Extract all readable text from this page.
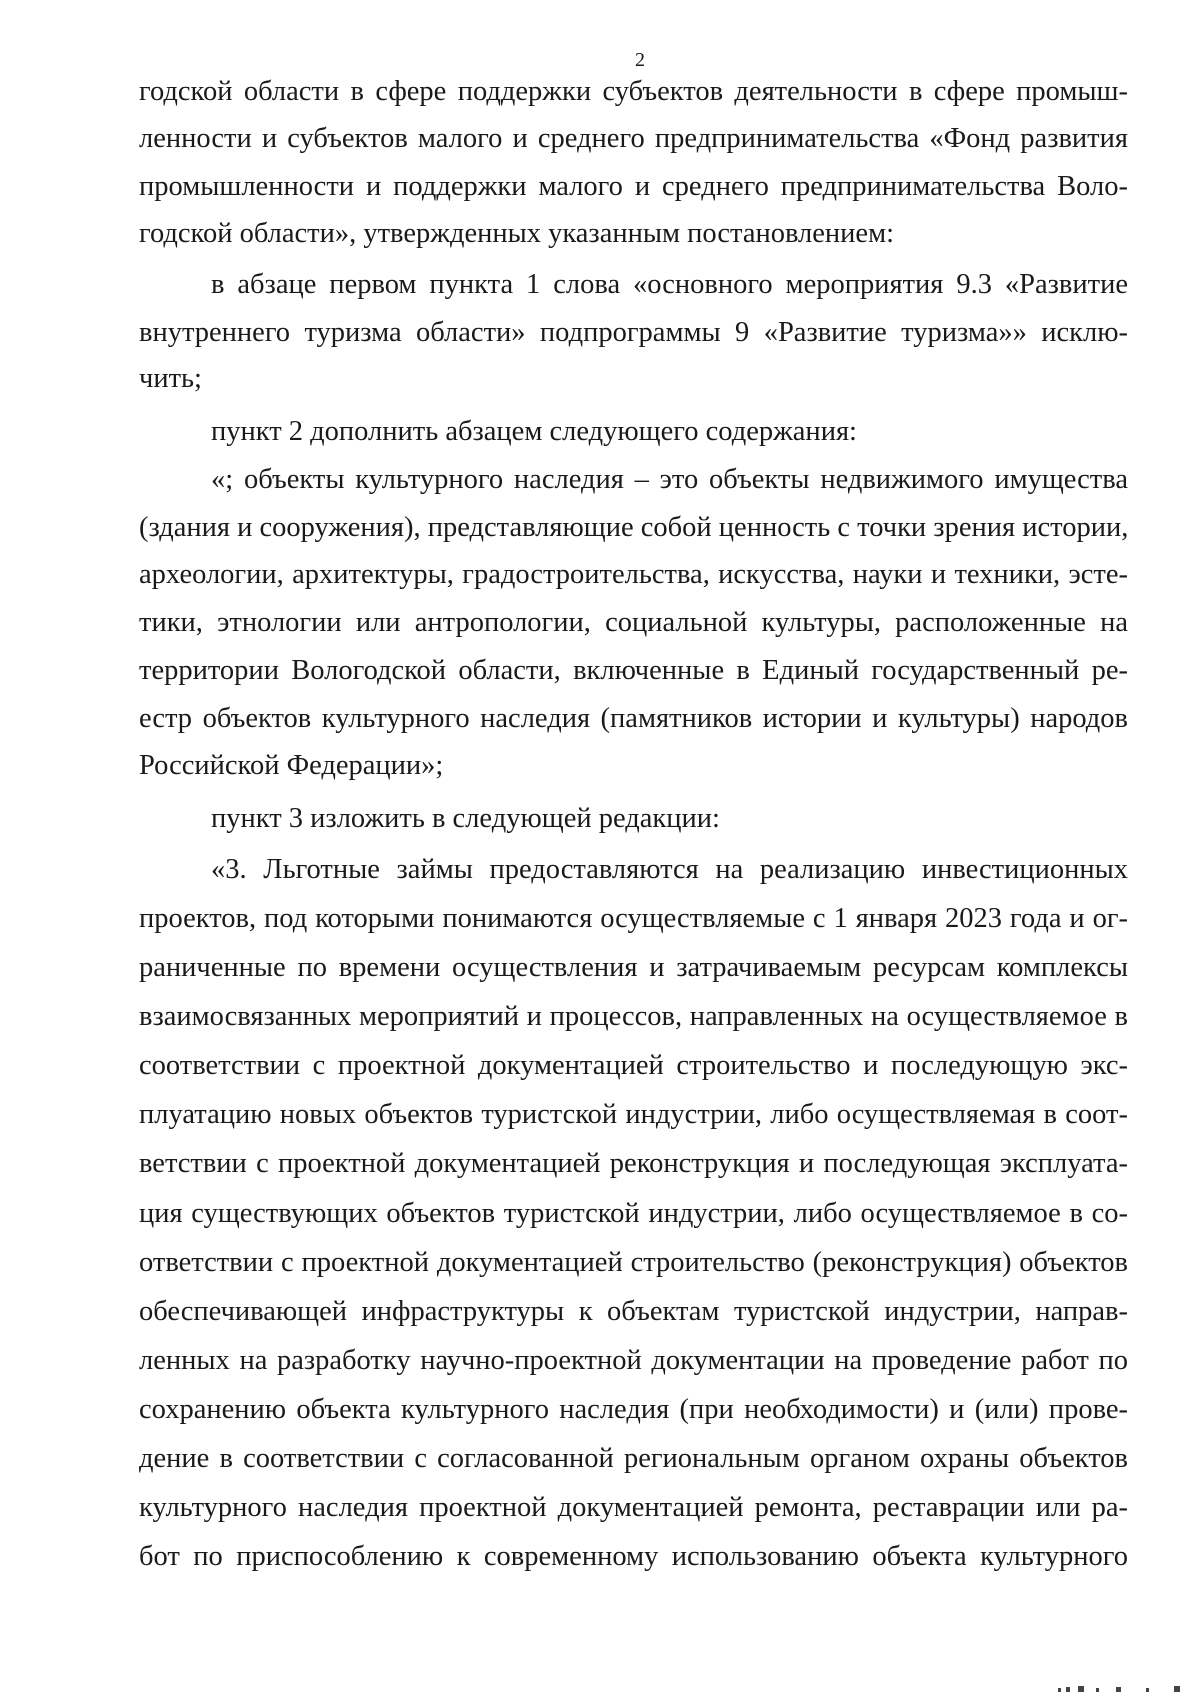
2
годской области в сфере поддержки субъектов деятельности в сфере промыш-
ленности и субъектов малого и среднего предпринимательства «Фонд развития
промышленности и поддержки малого и среднего предпринимательства Воло-
годской области», утвержденных указанным постановлением:
в абзаце первом пункта 1 слова «основного мероприятия 9.3 «Развитие
внутреннего туризма области» подпрограммы 9 «Развитие туризма»» исклю-
чить;
пункт 2 дополнить абзацем следующего содержания:
«; объекты культурного наследия – это объекты недвижимого имущества
(здания и сооружения), представляющие собой ценность с точки зрения истории,
археологии, архитектуры, градостроительства, искусства, науки и техники, эсте-
тики, этнологии или антропологии, социальной культуры, расположенные на
территории Вологодской области, включенные в Единый государственный ре-
естр объектов культурного наследия (памятников истории и культуры) народов
Российской Федерации»;
пункт 3 изложить в следующей редакции:
«3. Льготные займы предоставляются на реализацию инвестиционных
проектов, под которыми понимаются осуществляемые с 1 января 2023 года и ог-
раниченные по времени осуществления и затрачиваемым ресурсам комплексы
взаимосвязанных мероприятий и процессов, направленных на осуществляемое в
соответствии с проектной документацией строительство и последующую экс-
плуатацию новых объектов туристской индустрии, либо осуществляемая в соот-
ветствии с проектной документацией реконструкция и последующая эксплуата-
ция существующих объектов туристской индустрии, либо осуществляемое в со-
ответствии с проектной документацией строительство (реконструкция) объектов
обеспечивающей инфраструктуры к объектам туристской индустрии, направ-
ленных на разработку научно-проектной документации на проведение работ по
сохранению объекта культурного наследия (при необходимости) и (или) прове-
дение в соответствии с согласованной региональным органом охраны объектов
культурного наследия проектной документацией ремонта, реставрации или ра-
бот по приспособлению к современному использованию объекта культурного
